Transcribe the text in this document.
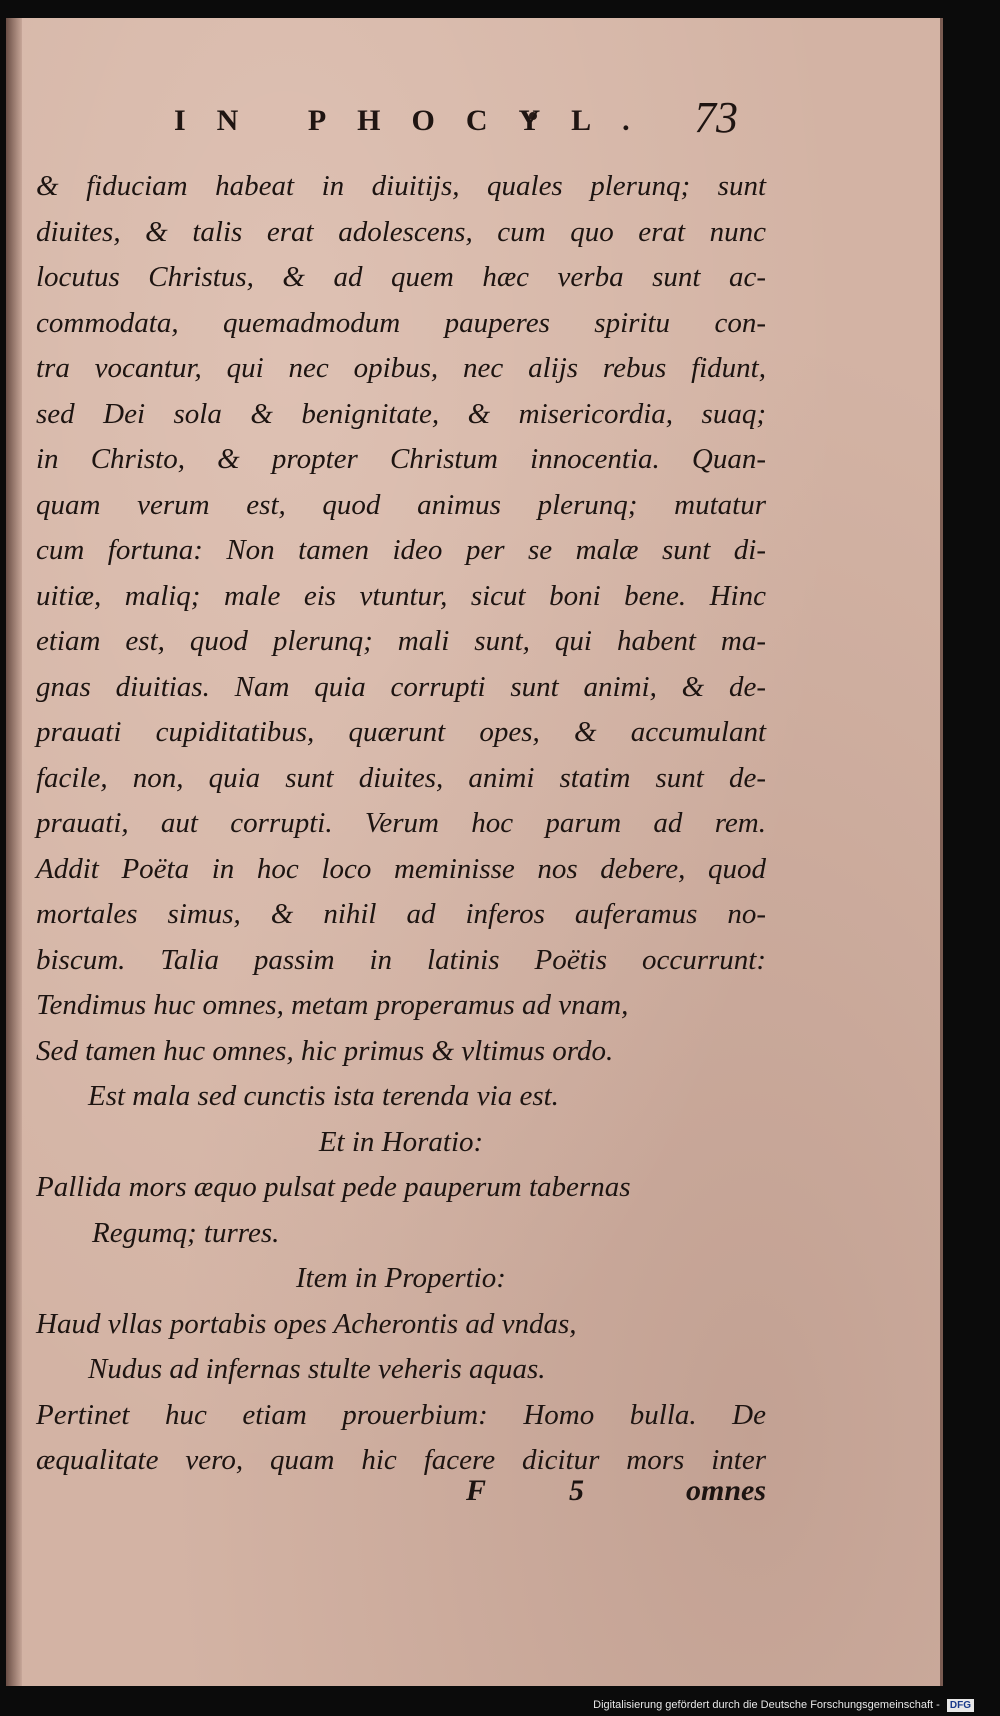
IN PHOCYL. 73
& fiduciam habeat in diuitijs, quales plerunq; sunt
diuites, & talis erat adolescens, cum quo erat nunc
locutus Christus, & ad quem hæc verba sunt ac-
commodata, quemadmodum pauperes spiritu con-
tra vocantur, qui nec opibus, nec alijs rebus fidunt,
sed Dei sola & benignitate, & misericordia, suaq;
in Christo, & propter Christum innocentia. Quan-
quam verum est, quod animus plerunq; mutatur
cum fortuna: Non tamen ideo per se malæ sunt di-
uitiæ, maliq; male eis vtuntur, sicut boni bene. Hinc
etiam est, quod plerunq; mali sunt, qui habent ma-
gnas diuitias. Nam quia corrupti sunt animi, & de-
prauati cupiditatibus, quærunt opes, & accumulant
facile, non, quia sunt diuites, animi statim sunt de-
prauati, aut corrupti. Verum hoc parum ad rem.
Addit Poëta in hoc loco meminisse nos debere, quod
mortales simus, & nihil ad inferos auferamus no-
biscum. Talia passim in latinis Poëtis occurrunt:
Tendimus huc omnes, metam properamus ad vnam,
Sed tamen huc omnes, hic primus & vltimus ordo.
Est mala sed cunctis ista terenda via est.
Et in Horatio:
Pallida mors æquo pulsat pede pauperum tabernas
Regumq; turres.
Item in Propertio:
Haud vllas portabis opes Acherontis ad vndas,
Nudus ad infernas stulte veheris aquas.
Pertinet huc etiam prouerbium: Homo bulla. De
æqualitate vero, quam hic facere dicitur mors inter
F 5 omnes
Digitalisierung gefördert durch die Deutsche Forschungsgemeinschaft - DFG
